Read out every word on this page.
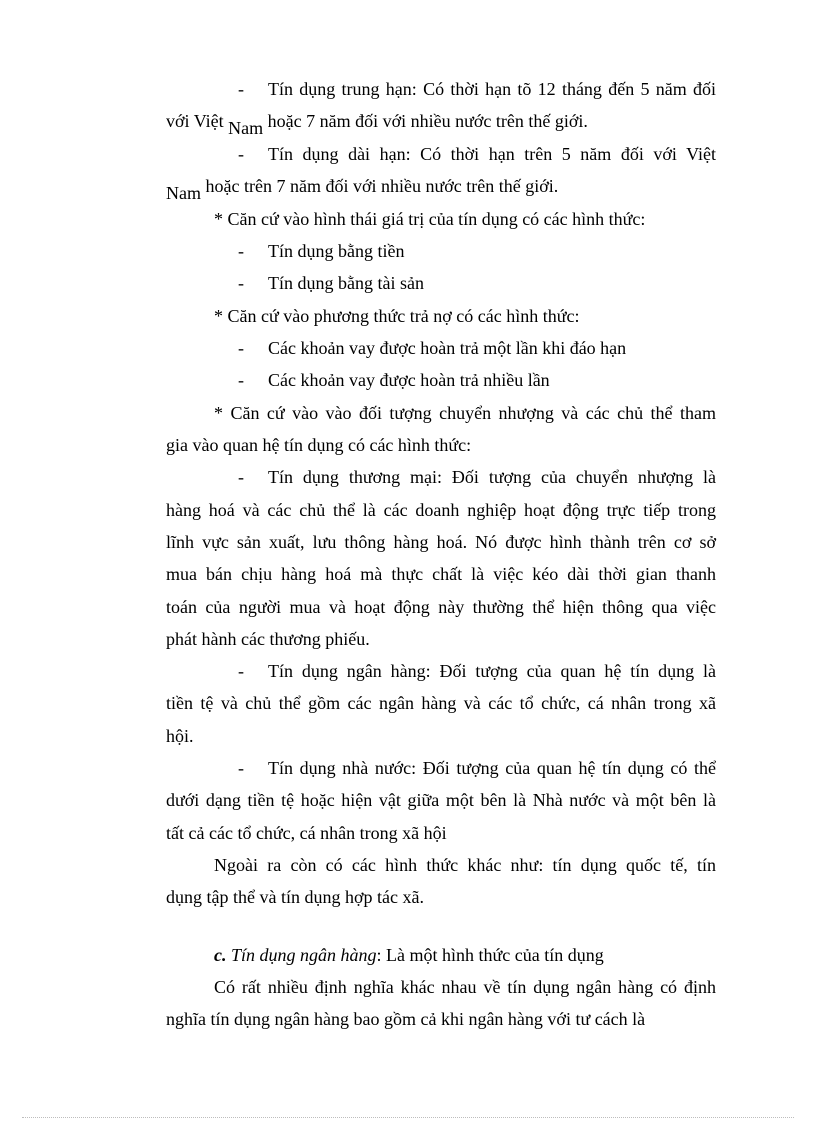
- Tín dụng trung hạn: Có thời hạn tõ 12 tháng đến 5 năm đối
với Việt Nam hoặc 7 năm đối với nhiều nước trên thế giới.
- Tín dụng dài hạn: Có thời hạn trên 5 năm đối với Việt
Nam hoặc trên 7 năm đối với nhiều nước trên thế giới.
* Căn cứ vào hình thái giá trị của tín dụng có các hình thức:
- Tín dụng bằng tiền
- Tín dụng bằng tài sản
* Căn cứ vào phương thức trả nợ có các hình thức:
- Các khoản vay được hoàn trả một lần khi đáo hạn
- Các khoản vay được hoàn trả nhiều lần
* Căn cứ vào vào đối tượng chuyển nhượng và các chủ thể tham
gia vào quan hệ tín dụng có các hình thức:
- Tín dụng thương mại: Đối tượng của chuyển nhượng là
hàng hoá và các chủ thể là các doanh nghiệp hoạt động trực tiếp trong
lĩnh vực sản xuất, lưu thông hàng hoá. Nó được hình thành trên cơ sở
mua bán chịu hàng hoá mà thực chất là việc kéo dài thời gian thanh
toán của người mua và hoạt động này thường thể hiện thông qua việc
phát hành các thương phiếu.
- Tín dụng ngân hàng: Đối tượng của quan hệ tín dụng là
tiền tệ và chủ thể gồm các ngân hàng và các tổ chức, cá nhân trong xã
hội.
- Tín dụng nhà nước: Đối tượng của quan hệ tín dụng có thể
dưới dạng tiền tệ hoặc hiện vật giữa một bên là Nhà nước và một bên là
tất cả các tổ chức, cá nhân trong xã hội
Ngoài ra còn có các hình thức khác như: tín dụng quốc tế, tín
dụng tập thể và tín dụng hợp tác xã.
c. Tín dụng ngân hàng: Là một hình thức của tín dụng
Có rất nhiều định nghĩa khác nhau về tín dụng ngân hàng có định
nghĩa tín dụng ngân hàng bao gồm cả khi ngân hàng với tư cách là
